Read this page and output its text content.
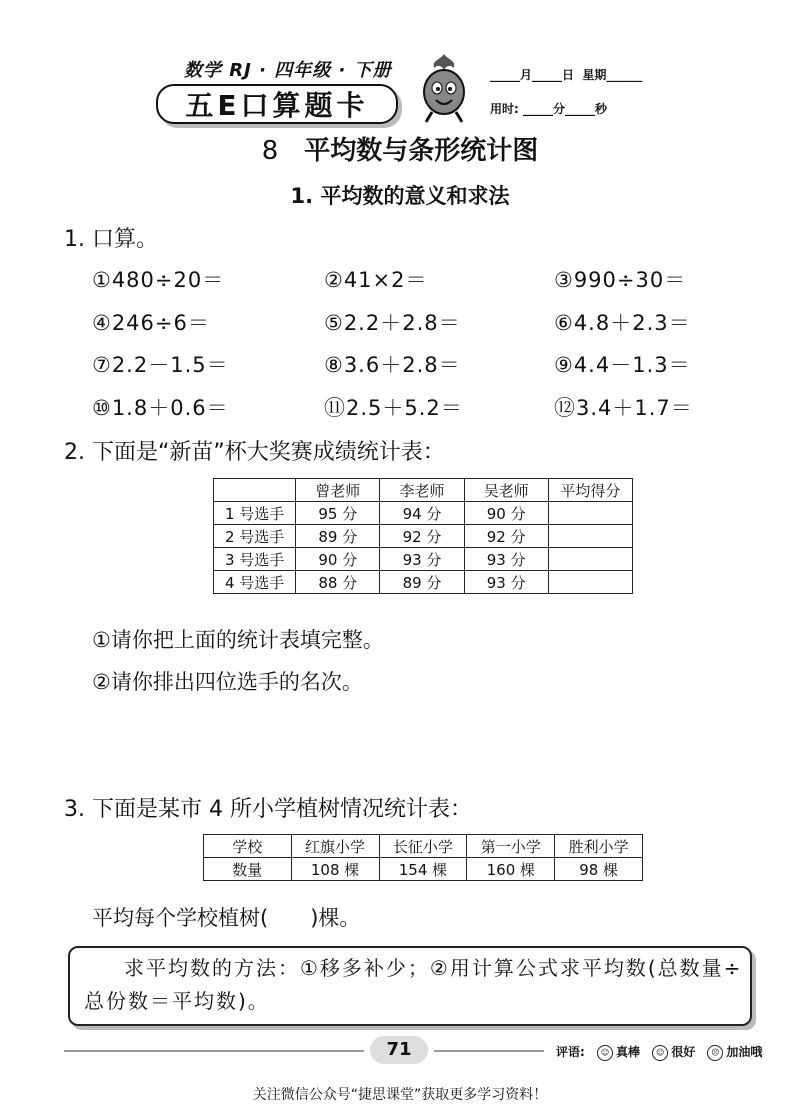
数学 RJ · 四年级 · 下册
五E口算题卡
_____月_____日  星期______
用时: _____分_____秒
8 平均数与条形统计图
1. 平均数的意义和求法
1. 口算。
①480÷20＝	②41×2＝	③990÷30＝
④246÷6＝	⑤2.2＋2.8＝	⑥4.8＋2.3＝
⑦2.2－1.5＝	⑧3.6＋2.8＝	⑨4.4－1.3＝
⑩1.8＋0.6＝	⑪2.5＋5.2＝	⑫3.4＋1.7＝
2. 下面是“新苗”杯大奖赛成绩统计表：
	曾老师	李老师	吴老师	平均得分
1 号选手	95 分	94 分	90 分	
2 号选手	89 分	92 分	92 分	
3 号选手	90 分	93 分	93 分	
4 号选手	88 分	89 分	93 分	
①请你把上面的统计表填完整。
②请你排出四位选手的名次。
3. 下面是某市 4 所小学植树情况统计表：
学校	红旗小学	长征小学	第一小学	胜利小学
数量	108 棵	154 棵	160 棵	98 棵
平均每个学校植树(　　)棵。
求平均数的方法：①移多补少；②用计算公式求平均数(总数量÷总份数＝平均数)。
71	评语: ☺ 真棒 ☺ 很好 ☹ 加油哦
关注微信公众号“捷思课堂”获取更多学习资料！
